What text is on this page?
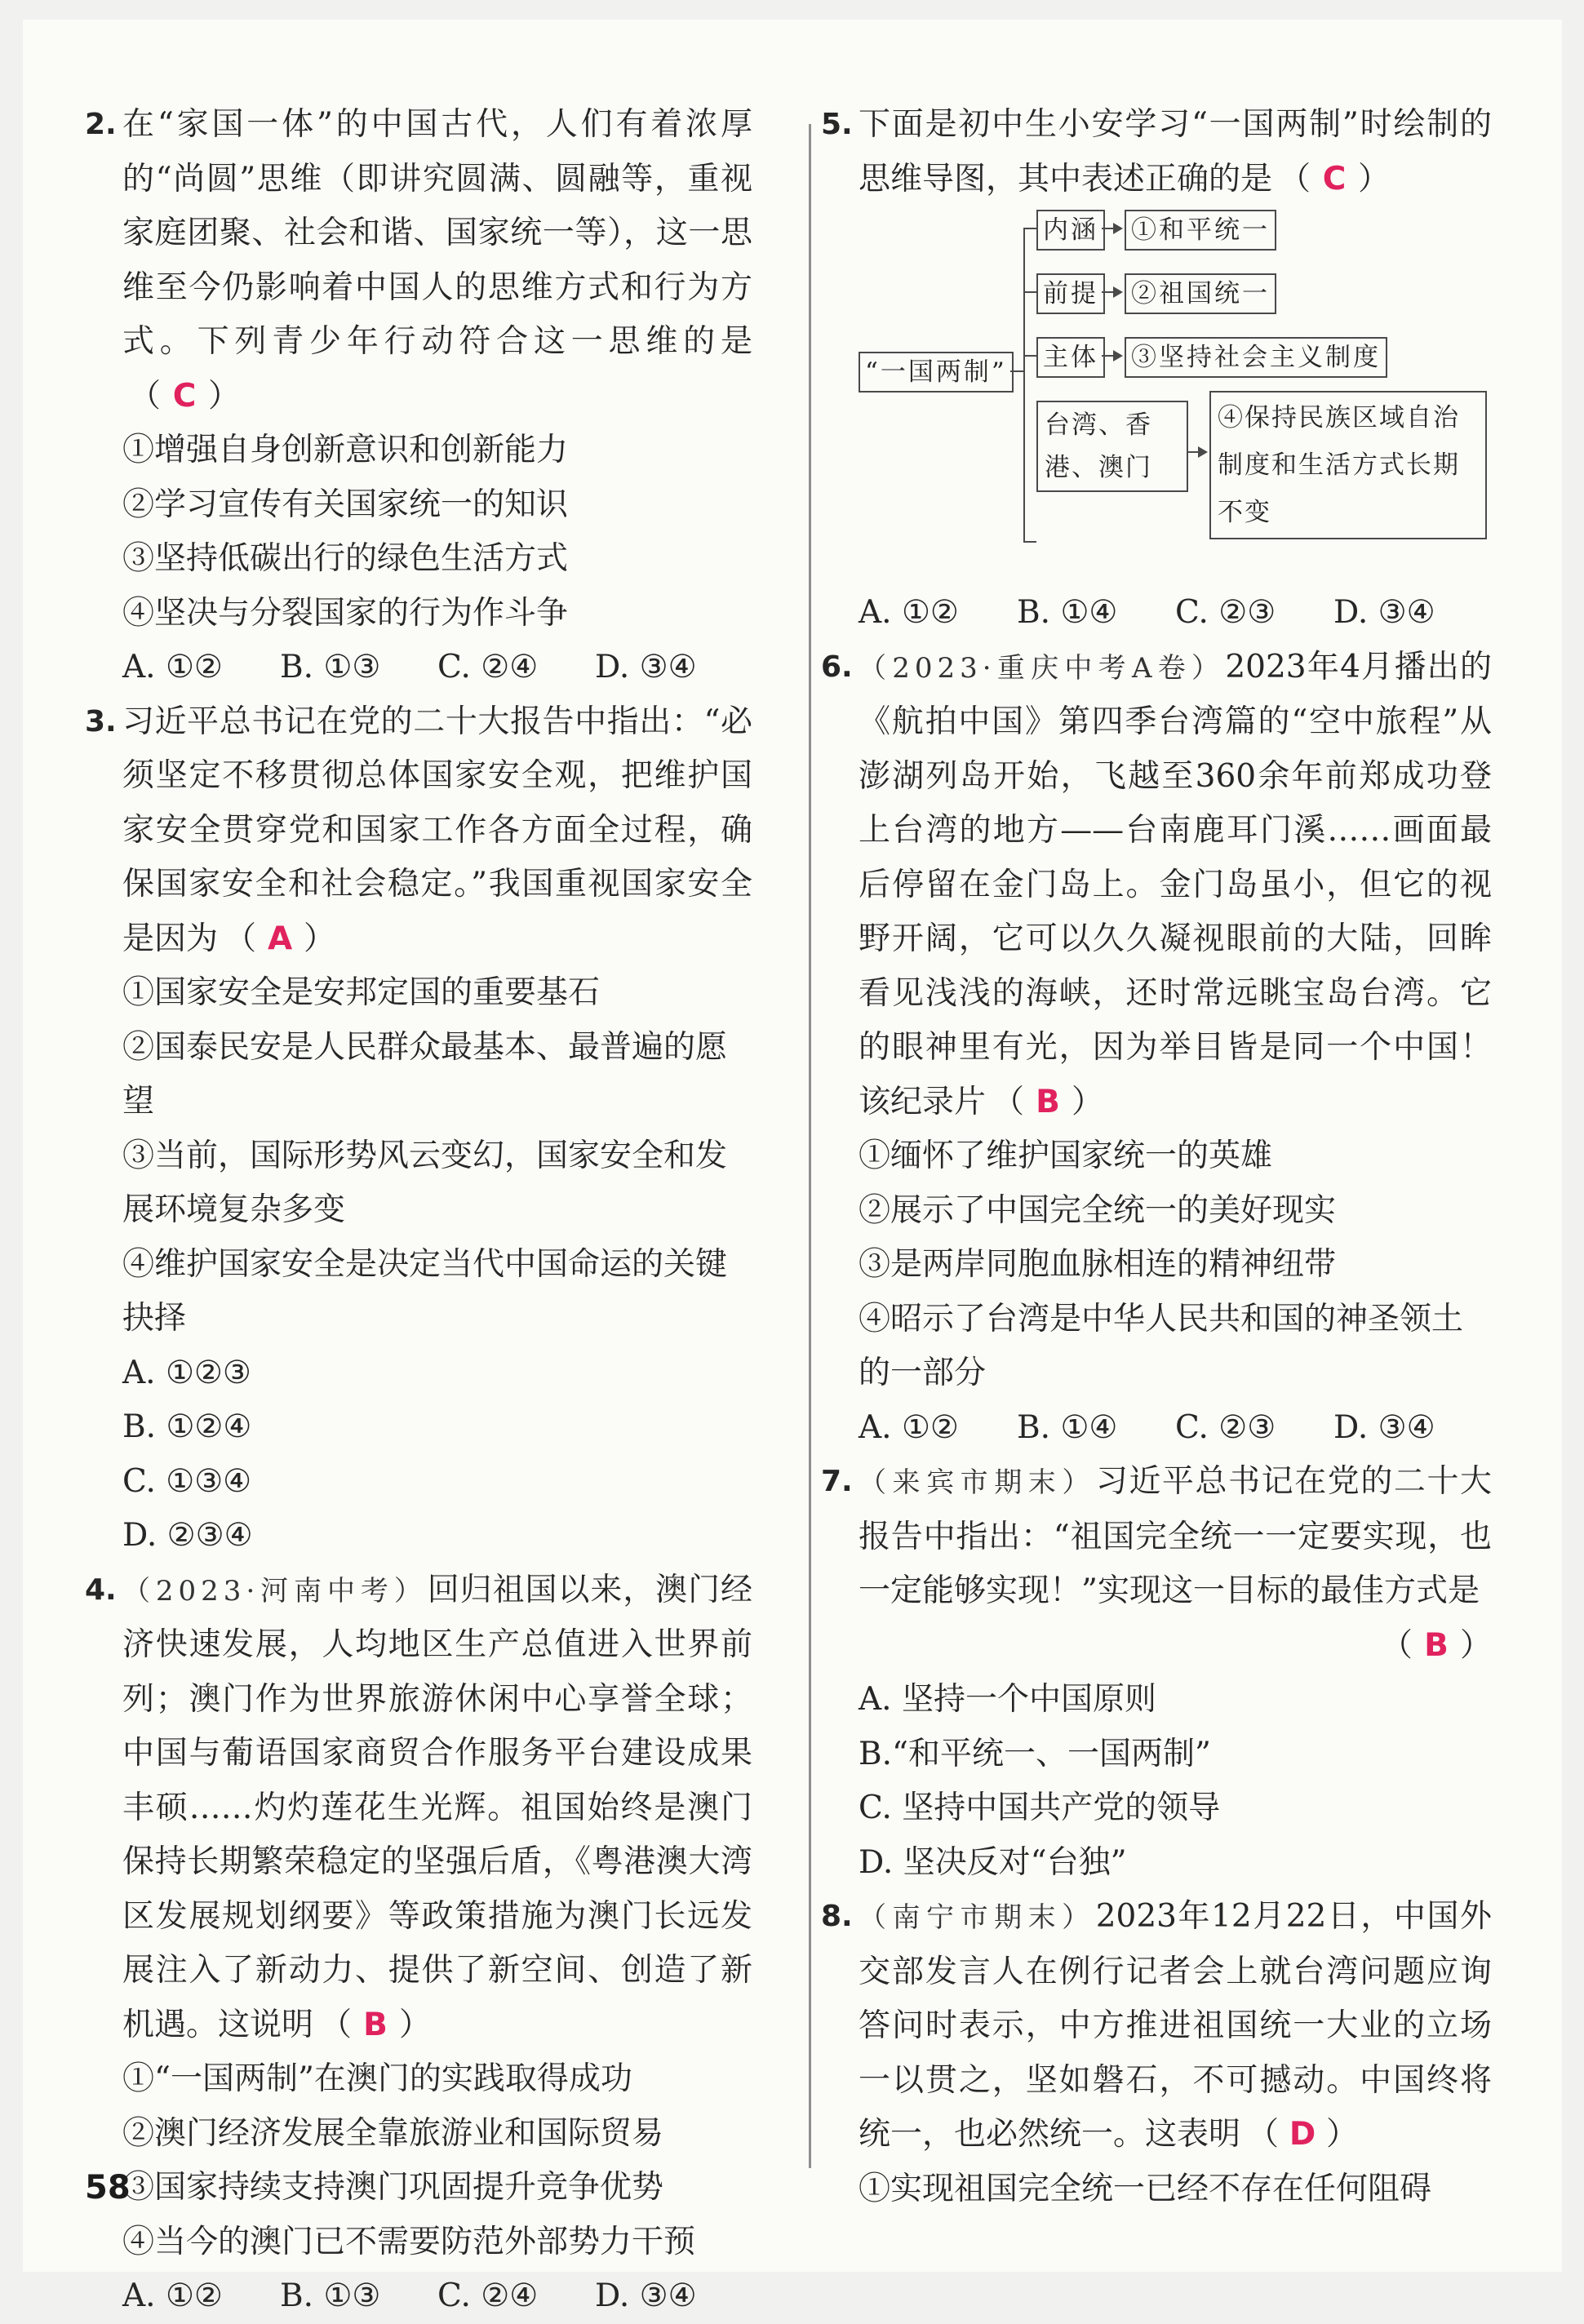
2. 在“家国一体”的中国古代，人们有着浓厚的“尚圆”思维（即讲究圆满、圆融等，重视家庭团聚、社会和谐、国家统一等），这一思维至今仍影响着中国人的思维方式和行为方式。下列青少年行动符合这一思维的是（ C ）
①增强自身创新意识和创新能力
②学习宣传有关国家统一的知识
③坚持低碳出行的绿色生活方式
④坚决与分裂国家的行为作斗争
A. ①②	B. ①③	C. ②④	D. ③④
3. 习近平总书记在党的二十大报告中指出：“必须坚定不移贯彻总体国家安全观，把维护国家安全贯穿党和国家工作各方面全过程，确保国家安全和社会稳定。”我国重视国家安全是因为 （ A ）
①国家安全是安邦定国的重要基石
②国泰民安是人民群众最基本、最普遍的愿望
③当前，国际形势风云变幻，国家安全和发展环境复杂多变
④维护国家安全是决定当代中国命运的关键抉择
A. ①②③
B. ①②④
C. ①③④
D. ②③④
4. （2023·河南中考）回归祖国以来，澳门经济快速发展，人均地区生产总值进入世界前列；澳门作为世界旅游休闲中心享誉全球；中国与葡语国家商贸合作服务平台建设成果丰硕……灼灼莲花生光辉。祖国始终是澳门保持长期繁荣稳定的坚强后盾，《粤港澳大湾区发展规划纲要》等政策措施为澳门长远发展注入了新动力、提供了新空间、创造了新机遇。这说明 （ B ）
①“一国两制”在澳门的实践取得成功
②澳门经济发展全靠旅游业和国际贸易
③国家持续支持澳门巩固提升竞争优势
④当今的澳门已不需要防范外部势力干预
A. ①②	B. ①③	C. ②④	D. ③④
5. 下面是初中生小安学习“一国两制”时绘制的思维导图，其中表述正确的是 （ C ）
“一国两制”
内涵 ①和平统一
前提 ②祖国统一
主体 ③坚持社会主义制度
台湾、香港、澳门
④保持民族区域自治制度和生活方式长期不变
A. ①②	B. ①④	C. ②③	D. ③④
6. （2023·重庆中考A卷）2023年4月播出的《航拍中国》第四季台湾篇的“空中旅程”从澎湖列岛开始，飞越至360余年前郑成功登上台湾的地方——台南鹿耳门溪……画面最后停留在金门岛上。金门岛虽小，但它的视野开阔，它可以久久凝视眼前的大陆，回眸看见浅浅的海峡，还时常远眺宝岛台湾。它的眼神里有光，因为举目皆是同一个中国！该纪录片 （ B ）
①缅怀了维护国家统一的英雄
②展示了中国完全统一的美好现实
③是两岸同胞血脉相连的精神纽带
④昭示了台湾是中华人民共和国的神圣领土的一部分
A. ①②	B. ①④	C. ②③	D. ③④
7. （来宾市期末）习近平总书记在党的二十大报告中指出：“祖国完全统一一定要实现，也一定能够实现！”实现这一目标的最佳方式是
（ B ）
A. 坚持一个中国原则
B.“和平统一、一国两制”
C. 坚持中国共产党的领导
D. 坚决反对“台独”
8. （南宁市期末）2023年12月22日，中国外交部发言人在例行记者会上就台湾问题应询答问时表示，中方推进祖国统一大业的立场一以贯之，坚如磐石，不可撼动。中国终将统一，也必然统一。这表明 （ D ）
①实现祖国完全统一已经不存在任何阻碍
58
